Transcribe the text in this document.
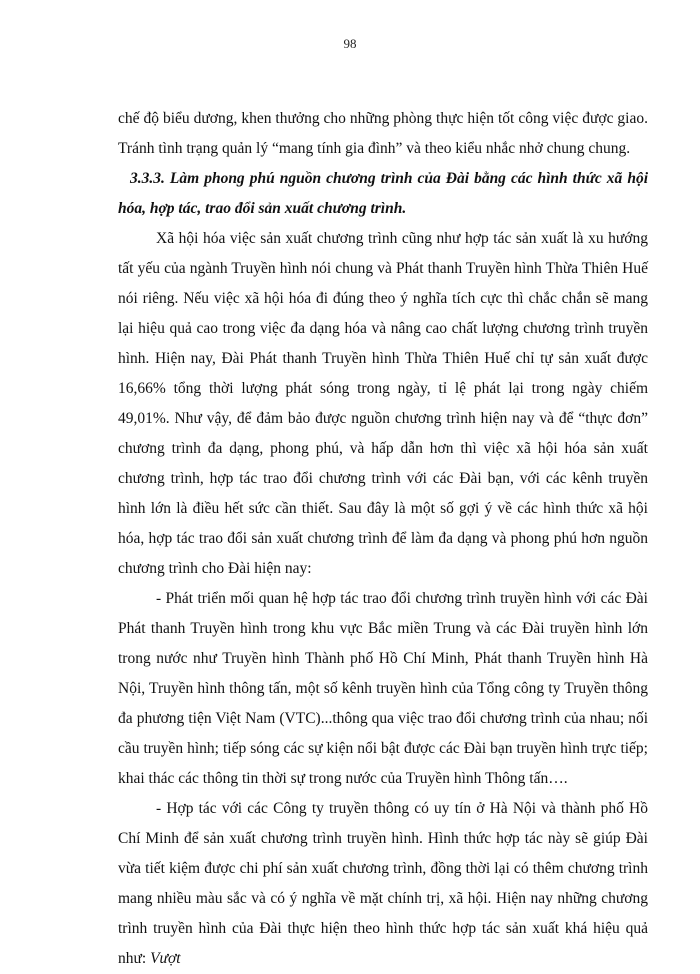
98

chế độ biểu dương, khen thưởng cho những phòng thực hiện tốt công việc được giao. Tránh tình trạng quản lý “mang tính gia đình” và theo kiểu nhắc nhở chung chung.

3.3.3. Làm phong phú nguồn chương trình của Đài bằng các hình thức xã hội hóa, hợp tác, trao đổi sản xuất chương trình.

Xã hội hóa việc sản xuất chương trình cũng như hợp tác sản xuất là xu hướng tất yếu của ngành Truyền hình nói chung và Phát thanh Truyền hình Thừa Thiên Huế nói riêng. Nếu việc xã hội hóa đi đúng theo ý nghĩa tích cực thì chắc chắn sẽ mang lại hiệu quả cao trong việc đa dạng hóa và nâng cao chất lượng chương trình truyền hình. Hiện nay, Đài Phát thanh Truyền hình Thừa Thiên Huế chỉ tự sản xuất được 16,66% tổng thời lượng phát sóng trong ngày, tỉ lệ phát lại trong ngày chiếm 49,01%. Như vậy, để đảm bảo được nguồn chương trình hiện nay và để “thực đơn” chương trình đa dạng, phong phú, và hấp dẫn hơn thì việc xã hội hóa sản xuất chương trình, hợp tác trao đổi chương trình với các Đài bạn, với các kênh truyền hình lớn là điều hết sức cần thiết. Sau đây là một số gợi ý về các hình thức xã hội hóa, hợp tác trao đổi sản xuất chương trình để làm đa dạng và phong phú hơn nguồn chương trình cho Đài hiện nay:

- Phát triển mối quan hệ hợp tác trao đổi chương trình truyền hình với các Đài Phát thanh Truyền hình trong khu vực Bắc miền Trung và các Đài truyền hình lớn trong nước như Truyền hình Thành phố Hồ Chí Minh, Phát thanh Truyền hình Hà Nội, Truyền hình thông tấn, một số kênh truyền hình của Tổng công ty Truyền thông đa phương tiện Việt Nam (VTC)...thông qua việc trao đổi chương trình của nhau; nối cầu truyền hình; tiếp sóng các sự kiện nổi bật được các Đài bạn truyền hình trực tiếp; khai thác các thông tin thời sự trong nước của Truyền hình Thông tấn….

- Hợp tác với các Công ty truyền thông có uy tín ở Hà Nội và thành phố Hồ Chí Minh để sản xuất chương trình truyền hình. Hình thức hợp tác này sẽ giúp Đài vừa tiết kiệm được chi phí sản xuất chương trình, đồng thời lại có thêm chương trình mang nhiều màu sắc và có ý nghĩa về mặt chính trị, xã hội. Hiện nay những chương trình truyền hình của Đài thực hiện theo hình thức hợp tác sản xuất khá hiệu quả như: Vượt
